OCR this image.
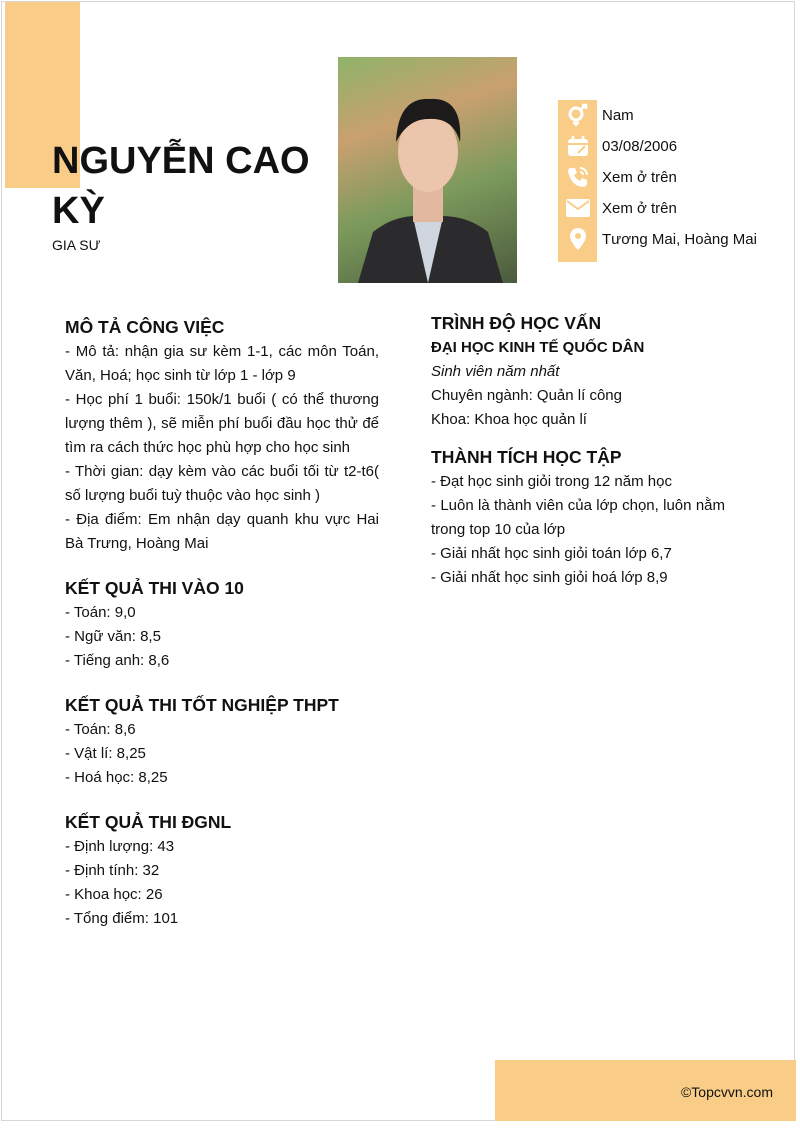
NGUYỄN CAO KỲ
GIA SƯ
Nam
03/08/2006
Xem ở trên
Xem ở trên
Tương Mai, Hoàng Mai
MÔ TẢ CÔNG VIỆC

- Mô tả: nhận gia sư kèm 1-1, các môn Toán, Văn, Hoá; học sinh từ lớp 1 - lớp 9

- Học phí 1 buổi: 150k/1 buổi ( có thể thương lượng thêm ), sẽ miễn phí buổi đầu học thử để tìm ra cách thức học phù hợp cho học sinh

- Thời gian: dạy kèm vào các buổi tối từ t2-t6( số lượng buổi tuỳ thuộc vào học sinh )

- Địa điểm: Em nhận dạy quanh khu vực Hai Bà Trưng, Hoàng Mai

KẾT QUẢ THI VÀO 10

- Toán: 9,0

- Ngữ văn: 8,5

- Tiếng anh: 8,6

KẾT QUẢ THI TỐT NGHIỆP THPT

- Toán: 8,6

- Vật lí: 8,25

- Hoá học: 8,25

KẾT QUẢ THI ĐGNL

- Định lượng: 43

- Định tính: 32

- Khoa học: 26

- Tổng điểm: 101

TRÌNH ĐỘ HỌC VẤN

ĐẠI HỌC KINH TẾ QUỐC DÂN

Sinh viên năm nhất

Chuyên ngành: Quản lí công

Khoa: Khoa học quản lí

THÀNH TÍCH HỌC TẬP

- Đạt học sinh giỏi trong 12 năm học

- Luôn là thành viên của lớp chọn, luôn nằm trong top 10 của lớp

- Giải nhất học sinh giỏi toán lớp 6,7

- Giải nhất học sinh giỏi hoá lớp 8,9

©Topcvvn.com
